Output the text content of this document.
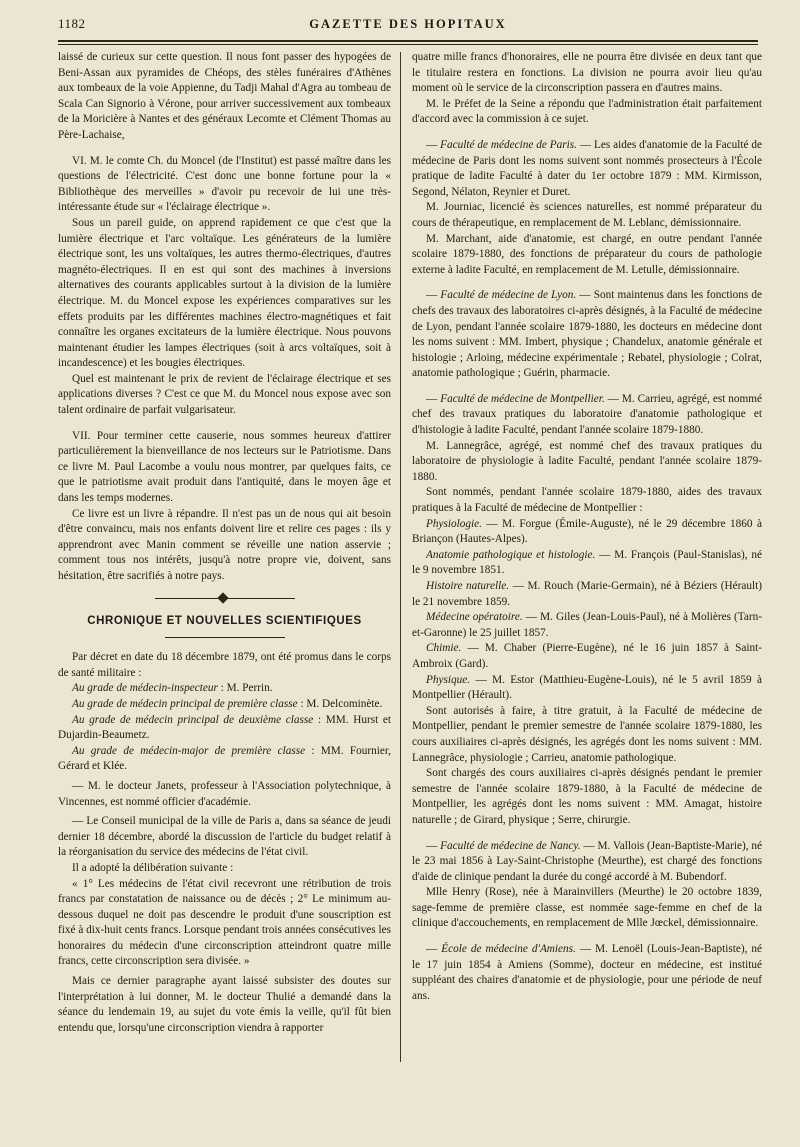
1182	GAZETTE DES HOPITAUX

laissé de curieux sur cette question. Il nous font passer des hypogées de Beni-Assan aux pyramides de Chéops, des stèles funéraires d'Athènes aux tombeaux de la voie Appienne, du Tadji Mahal d'Agra au tombeau de Scala Can Signorio à Vérone, pour arriver successivement aux tombeaux de la Moricière à Nantes et des généraux Lecomte et Clément Thomas au Père-Lachaise,

VI. M. le comte Ch. du Moncel (de l'Institut) est passé maître dans les questions de l'électricité. C'est donc une bonne fortune pour la « Bibliothèque des merveilles » d'avoir pu recevoir de lui une très-intéressante étude sur « l'éclairage électrique ».

Sous un pareil guide, on apprend rapidement ce que c'est que la lumière électrique et l'arc voltaïque. Les générateurs de la lumière électrique sont, les uns voltaïques, les autres thermo-électriques, d'autres magnéto-électriques. Il en est qui sont des machines à inversions alternatives des courants applicables surtout à la division de la lumière électrique. M. du Moncel expose les expériences comparatives sur les effets produits par les différentes machines électro-magnétiques et fait connaître les organes excitateurs de la lumière électrique. Nous pouvons maintenant étudier les lampes électriques (soit à arcs voltaïques, soit à incandescence) et les bougies électriques.

Quel est maintenant le prix de revient de l'éclairage électrique et ses applications diverses ? C'est ce que M. du Moncel nous expose avec son talent ordinaire de parfait vulgarisateur.

VII. Pour terminer cette causerie, nous sommes heureux d'attirer particulièrement la bienveillance de nos lecteurs sur le Patriotisme. Dans ce livre M. Paul Lacombe a voulu nous montrer, par quelques faits, ce que le patriotisme avait produit dans l'antiquité, dans le moyen âge et dans les temps modernes.

Ce livre est un livre à répandre. Il n'est pas un de nous qui ait besoin d'être convaincu, mais nos enfants doivent lire et relire ces pages : ils y apprendront avec Manin comment se réveille une nation asservie ; comment tous nos intérêts, jusqu'à notre propre vie, doivent, sans hésitation, être sacrifiés à notre pays.

CHRONIQUE ET NOUVELLES SCIENTIFIQUES

Par décret en date du 18 décembre 1879, ont été promus dans le corps de santé militaire :

Au grade de médecin-inspecteur : M. Perrin.

Au grade de médecin principal de première classe : M. Delcominète.

Au grade de médecin principal de deuxième classe : MM. Hurst et Dujardin-Beaumetz.

Au grade de médecin-major de première classe : MM. Fournier, Gérard et Klée.

— M. le docteur Janets, professeur à l'Association polytechnique, à Vincennes, est nommé officier d'académie.

— Le Conseil municipal de la ville de Paris a, dans sa séance de jeudi dernier 18 décembre, abordé la discussion de l'article du budget relatif à la réorganisation du service des médecins de l'état civil.

Il a adopté la délibération suivante :

« 1° Les médecins de l'état civil recevront une rétribution de trois francs par constatation de naissance ou de décès ; 2° Le minimum au-dessous duquel ne doit pas descendre le produit d'une souscription est fixé à dix-huit cents francs. Lorsque pendant trois années consécutives les honoraires du médecin d'une circonscription atteindront quatre mille francs, cette circonscription sera divisée. »

Mais ce dernier paragraphe ayant laissé subsister des doutes sur l'interprétation à lui donner, M. le docteur Thulié a demandé dans la séance du lendemain 19, au sujet du vote émis la veille, qu'il fût bien entendu que, lorsqu'une circonscription viendra à rapporter

quatre mille francs d'honoraires, elle ne pourra être divisée en deux tant que le titulaire restera en fonctions. La division ne pourra avoir lieu qu'au moment où le service de la circonscription passera en d'autres mains.

M. le Préfet de la Seine a répondu que l'administration était parfaitement d'accord avec la commission à ce sujet.

— Faculté de médecine de Paris. — Les aides d'anatomie de la Faculté de médecine de Paris dont les noms suivent sont nommés prosecteurs à l'École pratique de ladite Faculté à dater du 1er octobre 1879 : MM. Kirmisson, Segond, Nélaton, Reynier et Duret.

M. Journiac, licencié ès sciences naturelles, est nommé préparateur du cours de thérapeutique, en remplacement de M. Leblanc, démissionnaire.

M. Marchant, aide d'anatomie, est chargé, en outre pendant l'année scolaire 1879-1880, des fonctions de préparateur du cours de pathologie externe à ladite Faculté, en remplacement de M. Letulle, démissionnaire.

— Faculté de médecine de Lyon. — Sont maintenus dans les fonctions de chefs des travaux des laboratoires ci-après désignés, à la Faculté de médecine de Lyon, pendant l'année scolaire 1879-1880, les docteurs en médecine dont les noms suivent : MM. Imbert, physique ; Chandelux, anatomie générale et histologie ; Arloing, médecine expérimentale ; Rebatel, physiologie ; Colrat, anatomie pathologique ; Guérin, pharmacie.

— Faculté de médecine de Montpellier. — M. Carrieu, agrégé, est nommé chef des travaux pratiques du laboratoire d'anatomie pathologique et d'histologie à ladite Faculté, pendant l'année scolaire 1879-1880.

M. Lannegrâce, agrégé, est nommé chef des travaux pratiques du laboratoire de physiologie à ladite Faculté, pendant l'année scolaire 1879-1880.

Sont nommés, pendant l'année scolaire 1879-1880, aides des travaux pratiques à la Faculté de médecine de Montpellier :

Physiologie. — M. Forgue (Émile-Auguste), né le 29 décembre 1860 à Briançon (Hautes-Alpes).

Anatomie pathologique et histologie. — M. François (Paul-Stanislas), né le 9 novembre 1851.

Histoire naturelle. — M. Rouch (Marie-Germain), né à Béziers (Hérault) le 21 novembre 1859.

Médecine opératoire. — M. Giles (Jean-Louis-Paul), né à Molières (Tarn-et-Garonne) le 25 juillet 1857.

Chimie. — M. Chaber (Pierre-Eugène), né le 16 juin 1857 à Saint-Ambroix (Gard).

Physique. — M. Estor (Matthieu-Eugène-Louis), né le 5 avril 1859 à Montpellier (Hérault).

Sont autorisés à faire, à titre gratuit, à la Faculté de médecine de Montpellier, pendant le premier semestre de l'année scolaire 1879-1880, les cours auxiliaires ci-après désignés, les agrégés dont les noms suivent : MM. Lannegrâce, physiologie ; Carrieu, anatomie pathologique.

Sont chargés des cours auxiliaires ci-après désignés pendant le premier semestre de l'année scolaire 1879-1880, à la Faculté de médecine de Montpellier, les agrégés dont les noms suivent : MM. Amagat, histoire naturelle ; de Girard, physique ; Serre, chirurgie.

— Faculté de médecine de Nancy. — M. Vallois (Jean-Baptiste-Marie), né le 23 mai 1856 à Lay-Saint-Christophe (Meurthe), est chargé des fonctions d'aide de clinique pendant la durée du congé accordé à M. Bubendorf.

Mlle Henry (Rose), née à Marainvillers (Meurthe) le 20 octobre 1839, sage-femme de première classe, est nommée sage-femme en chef de la clinique d'accouchements, en remplacement de Mlle Jœckel, démissionnaire.

— École de médecine d'Amiens. — M. Lenoël (Louis-Jean-Baptiste), né le 17 juin 1854 à Amiens (Somme), docteur en médecine, est institué suppléant des chaires d'anatomie et de physiologie, pour une période de neuf ans.
